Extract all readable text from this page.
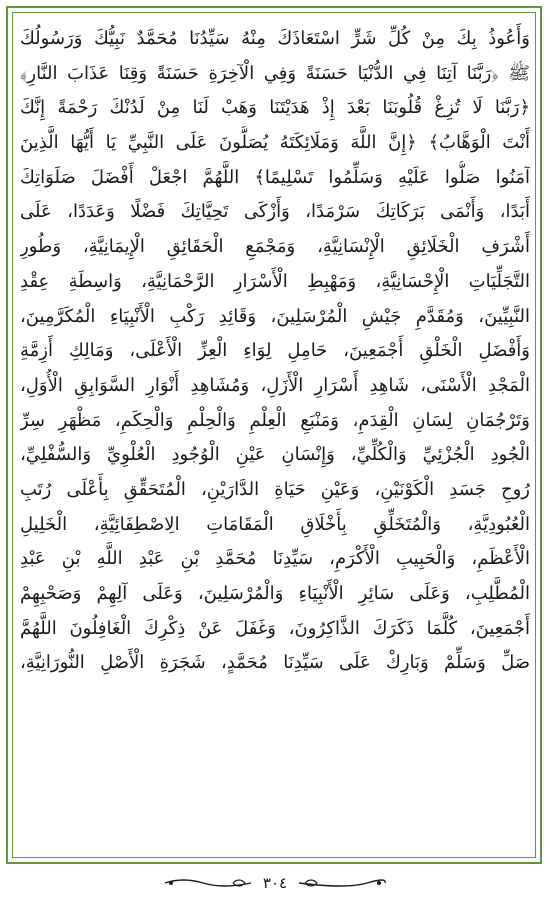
وَأَعُوذُ بِكَ مِنْ كُلِّ شَرٍّ اسْتَعَاذَكَ مِنْهُ سَيِّدُنَا مُحَمَّدٌ نَبِيُّكَ وَرَسُولُكَ
ﷺ ﴿رَبَّنَا آتِنَا فِي الدُّنْيَا حَسَنَةً وَفِي الْآخِرَةِ حَسَنَةً وَقِنَا عَذَابَ النَّارِ﴾
﴿رَبَّنَا لَا تُزِغْ قُلُوبَنَا بَعْدَ إِذْ هَدَيْتَنَا وَهَبْ لَنَا مِنْ لَدُنْكَ رَحْمَةً إِنَّكَ
أَنْتَ الْوَهَّابُ﴾ ﴿إِنَّ اللَّهَ وَمَلَائِكَتَهُ يُصَلُّونَ عَلَى النَّبِيِّ يَا أَيُّهَا الَّذِينَ
آمَنُوا صَلُّوا عَلَيْهِ وَسَلِّمُوا تَسْلِيمًا﴾ اللَّهُمَّ اجْعَلْ أَفْضَلَ صَلَوَاتِكَ
أَبَدًا، وَأَنْمَى بَرَكَاتِكَ سَرْمَدًا، وَأَزْكَى تَحِيَّاتِكَ فَضْلًا وَعَدَدًا، عَلَى
أَشْرَفِ الْخَلَائِقِ الْإِنْسَانِيَّةِ، وَمَجْمَعِ الْحَقَائِقِ الْإِيمَانِيَّةِ، وَطُورِ
التَّجَلِّيَاتِ الْإِحْسَانِيَّةِ، وَمَهْبِطِ الْأَسْرَارِ الرَّحْمَانِيَّةِ، وَاسِطَةِ عِقْدِ
النَّبِيِّينَ، وَمُقَدَّمِ جَيْشِ الْمُرْسَلِينَ، وَقَائِدِ رَكْبِ الْأَنْبِيَاءِ الْمُكَرَّمِينَ،
وَأَفْضَلِ الْخَلْقِ أَجْمَعِينَ، حَامِلِ لِوَاءِ الْعِزِّ الْأَعْلَى، وَمَالِكِ أَزِمَّةِ
الْمَجْدِ الْأَسْنَى، شَاهِدِ أَسْرَارِ الْأَزَلِ، وَمُشَاهِدِ أَنْوَارِ السَّوَابِقِ الْأُوَلِ،
وَتَرْجُمَانِ لِسَانِ الْقِدَمِ، وَمَنْبَعِ الْعِلْمِ وَالْحِلْمِ وَالْحِكَمِ، مَظْهَرِ سِرِّ
الْجُودِ الْجُزْئِيِّ وَالْكُلِّيِّ، وَإِنْسَانِ عَيْنِ الْوُجُودِ الْعُلْوِيِّ وَالسُّفْلِيِّ،
رُوحِ جَسَدِ الْكَوْنَيْنِ، وَعَيْنِ حَيَاةِ الدَّارَيْنِ، الْمُتَحَقِّقِ بِأَعْلَى رُتَبِ
الْعُبُودِيَّةِ، وَالْمُتَخَلِّقِ بِأَخْلَاقِ الْمَقَامَاتِ الِاصْطِفَائِيَّةِ، الْخَلِيلِ
الْأَعْظَمِ، وَالْحَبِيبِ الْأَكْرَمِ، سَيِّدِنَا مُحَمَّدِ بْنِ عَبْدِ اللَّهِ بْنِ عَبْدِ
الْمُطَّلِبِ، وَعَلَى سَائِرِ الْأَنْبِيَاءِ وَالْمُرْسَلِينَ، وَعَلَى آلِهِمْ وَصَحْبِهِمْ
أَجْمَعِينَ، كُلَّمَا ذَكَرَكَ الذَّاكِرُونَ، وَغَفَلَ عَنْ ذِكْرِكَ الْغَافِلُونَ اللَّهُمَّ
صَلِّ وَسَلِّمْ وَبَارِكْ عَلَى سَيِّدِنَا مُحَمَّدٍ، شَجَرَةِ الْأَصْلِ النُّورَانِيَّةِ،
٣٠٤
